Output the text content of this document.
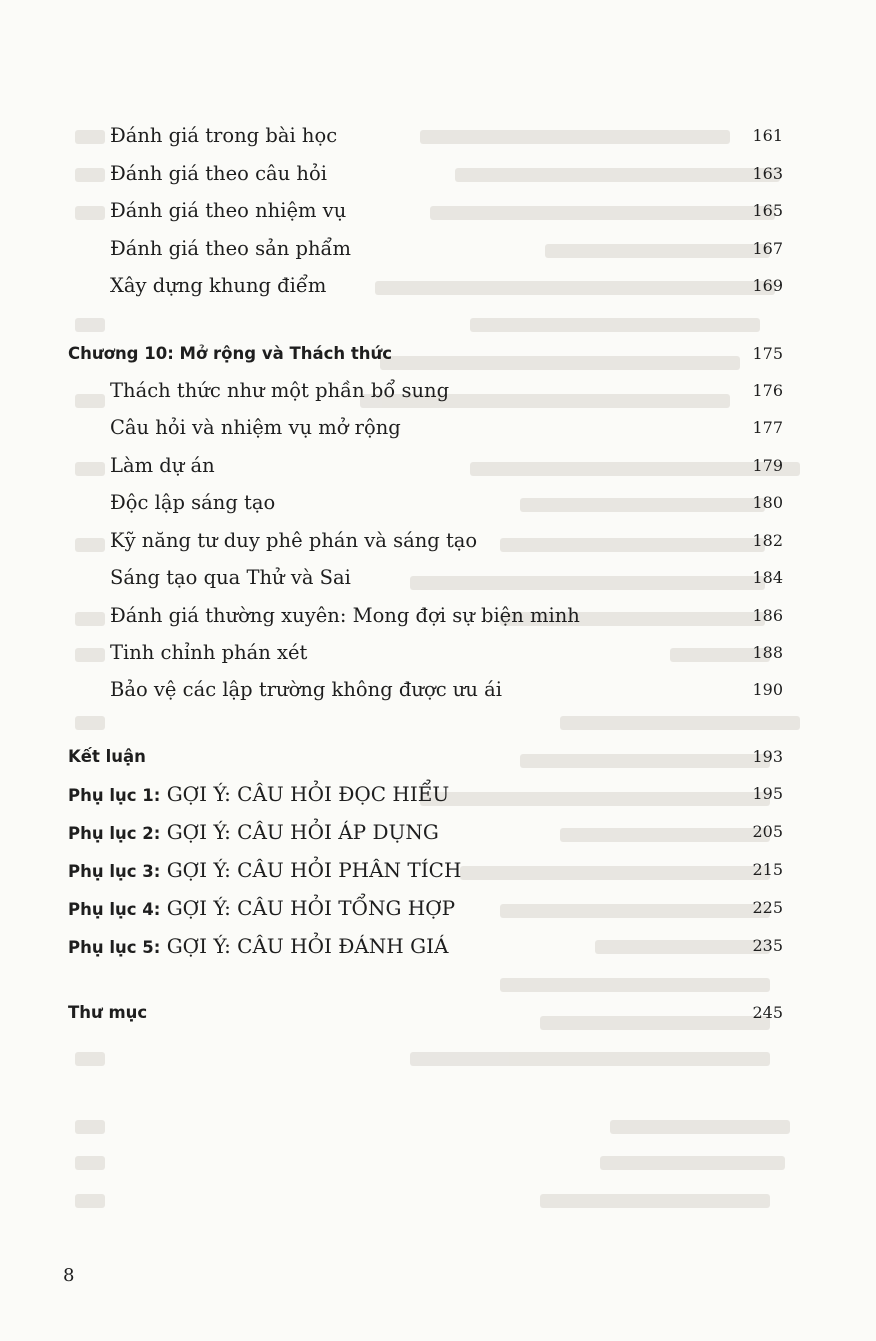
Đánh giá trong bài học	161
Đánh giá theo câu hỏi	163
Đánh giá theo nhiệm vụ	165
Đánh giá theo sản phẩm	167
Xây dựng khung điểm	169
Chương 10: Mở rộng và Thách thức	175
Thách thức như một phần bổ sung	176
Câu hỏi và nhiệm vụ mở rộng	177
Làm dự án	179
Độc lập sáng tạo	180
Kỹ năng tư duy phê phán và sáng tạo	182
Sáng tạo qua Thử và Sai	184
Đánh giá thường xuyên: Mong đợi sự biện minh	186
Tinh chỉnh phán xét	188
Bảo vệ các lập trường không được ưu ái	190
Kết luận	193
Phụ lục 1: GỢI Ý: CÂU HỎI ĐỌC HIỂU	195
Phụ lục 2: GỢI Ý: CÂU HỎI ÁP DỤNG	205
Phụ lục 3: GỢI Ý: CÂU HỎI PHÂN TÍCH	215
Phụ lục 4: GỢI Ý: CÂU HỎI TỔNG HỢP	225
Phụ lục 5: GỢI Ý: CÂU HỎI ĐÁNH GIÁ	235
Thư mục	245
8
